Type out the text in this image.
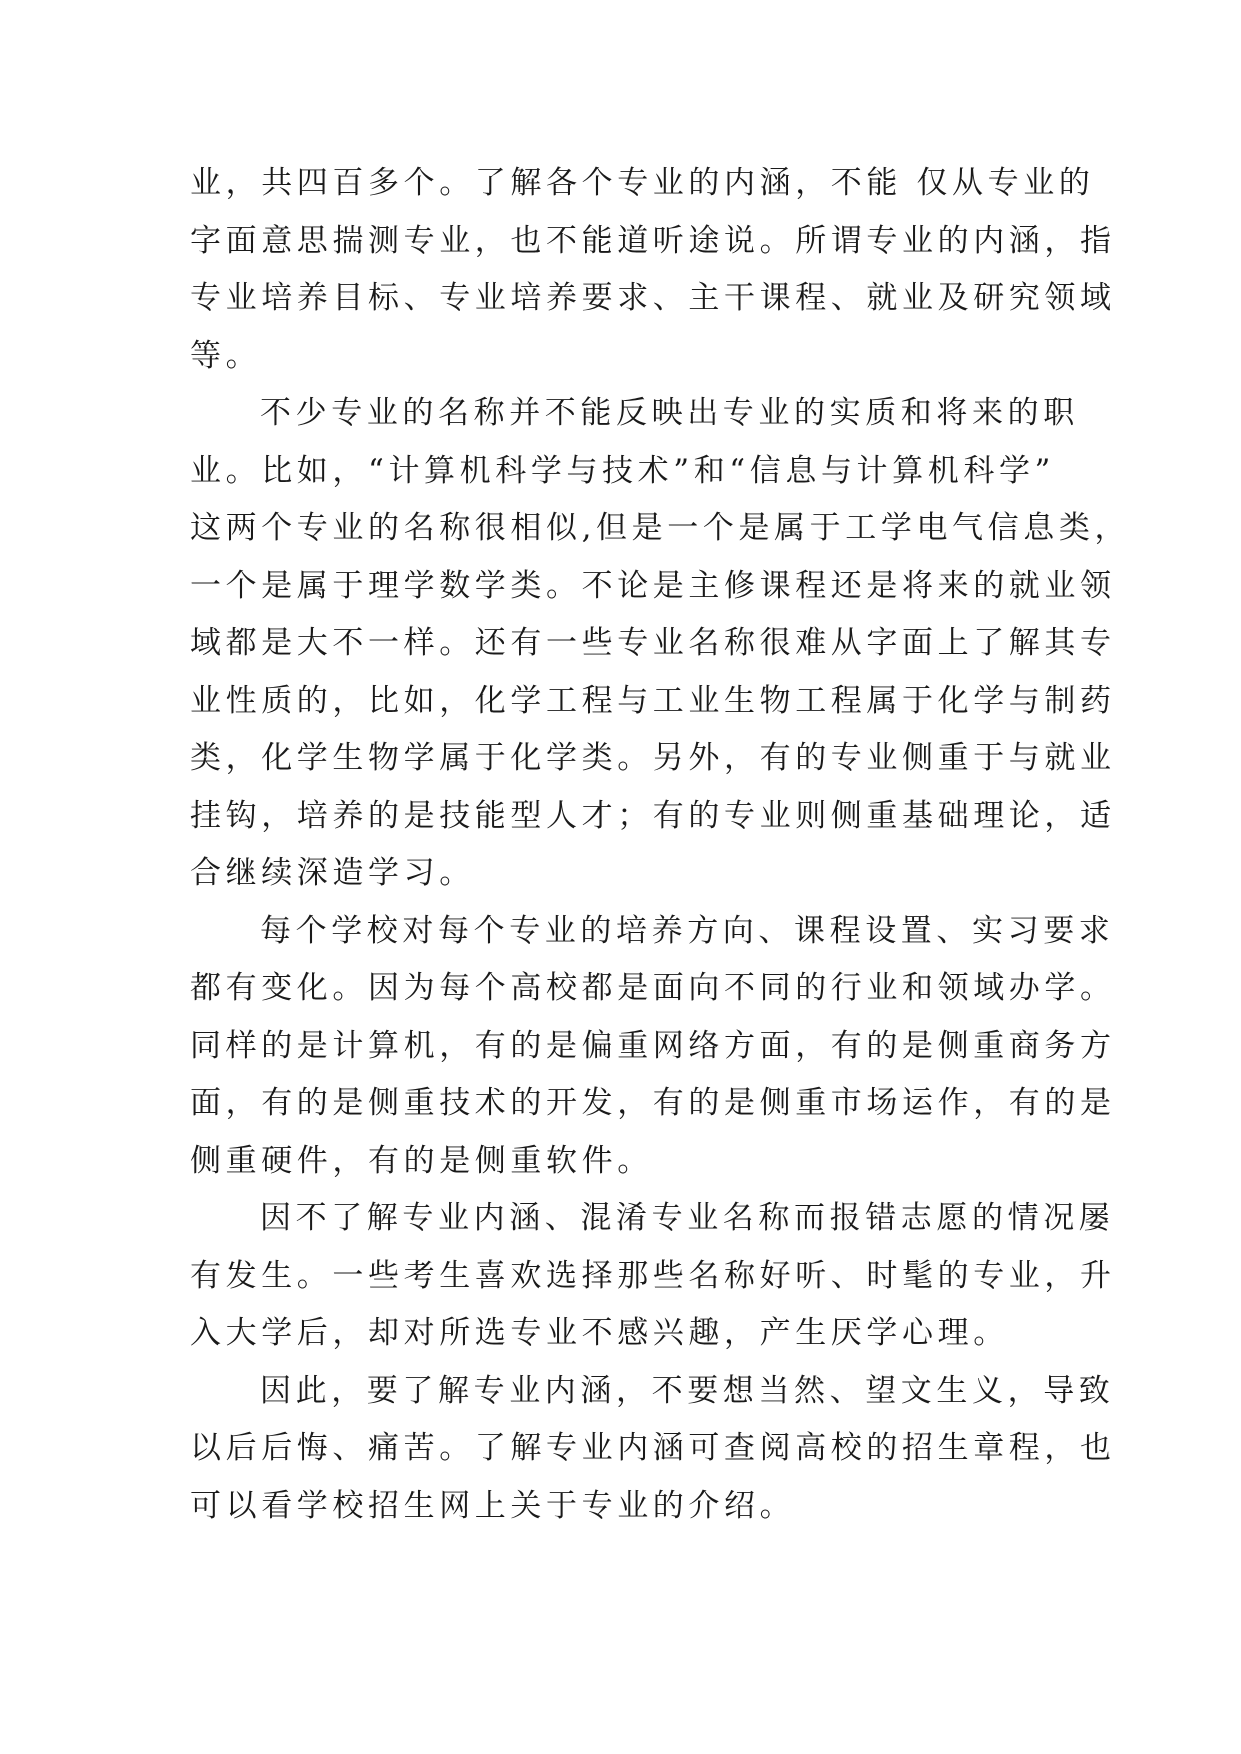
业，共四百多个。了解各个专业的内涵，不能 仅从专业的
字面意思揣测专业，也不能道听途说。所谓专业的内涵，指
专业培养目标、专业培养要求、主干课程、就业及研究领域
等。
不少专业的名称并不能反映出专业的实质和将来的职
业。比如，“计算机科学与技术”和“信息与计算机科学”
这两个专业的名称很相似,但是一个是属于工学电气信息类，
一个是属于理学数学类。不论是主修课程还是将来的就业领
域都是大不一样。还有一些专业名称很难从字面上了解其专
业性质的，比如，化学工程与工业生物工程属于化学与制药
类，化学生物学属于化学类。另外，有的专业侧重于与就业
挂钩，培养的是技能型人才；有的专业则侧重基础理论，适
合继续深造学习。
每个学校对每个专业的培养方向、课程设置、实习要求
都有变化。因为每个高校都是面向不同的行业和领域办学。
同样的是计算机，有的是偏重网络方面，有的是侧重商务方
面，有的是侧重技术的开发，有的是侧重市场运作，有的是
侧重硬件，有的是侧重软件。
因不了解专业内涵、混淆专业名称而报错志愿的情况屡
有发生。一些考生喜欢选择那些名称好听、时髦的专业，升
入大学后，却对所选专业不感兴趣，产生厌学心理。
因此，要了解专业内涵，不要想当然、望文生义，导致
以后后悔、痛苦。了解专业内涵可查阅高校的招生章程，也
可以看学校招生网上关于专业的介绍。
